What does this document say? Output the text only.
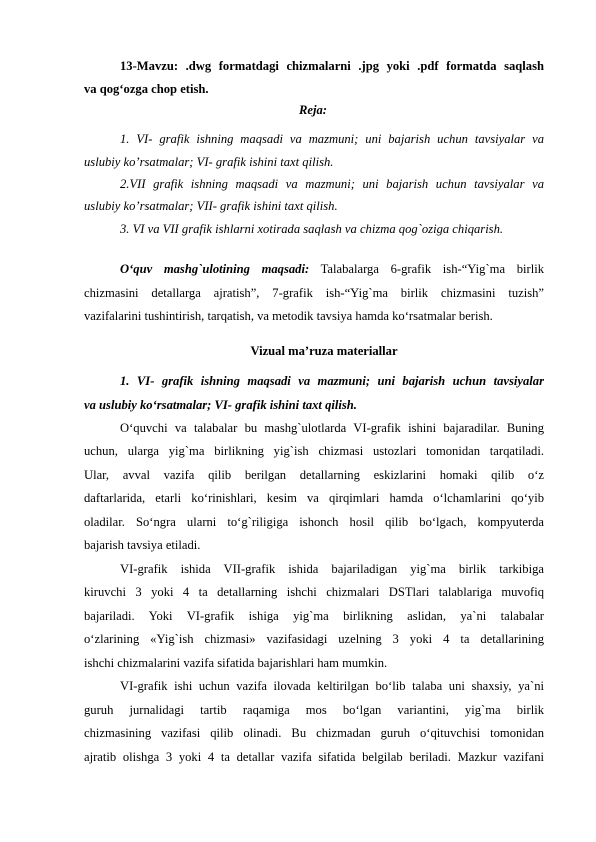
13-Mavzu: .dwg formatdagi chizmalarni .jpg yoki .pdf formatda saqlash

va qog‘ozga chop etish.

Reja:

1. VI- grafik ishning maqsadi va mazmuni; uni bajarish uchun tavsiyalar va

uslubiy ko’rsatmalar; VI- grafik ishini taxt qilish.

2.VII grafik ishning maqsadi va mazmuni; uni bajarish uchun tavsiyalar va

uslubiy ko’rsatmalar; VII- grafik ishini taxt qilish.

3. VI va VII grafik ishlarni xotirada saqlash va chizma qog`oziga chiqarish.

O‘quv mashg`ulotining maqsadi: Talabalarga 6-grafik ish-“Yig`ma birlik

chizmasini detallarga ajratish”, 7-grafik ish-“Yig`ma birlik chizmasini tuzish”

vazifalarini tushintirish, tarqatish, va metodik tavsiya hamda ko‘rsatmalar berish.

Vizual ma’ruza materiallar

1. VI- grafik ishning maqsadi va mazmuni; uni bajarish uchun tavsiyalar

va uslubiy ko‘rsatmalar; VI- grafik ishini taxt qilish.

O‘quvchi va talabalar bu mashg`ulotlarda VI-grafik ishini bajaradilar. Buning

uchun, ularga yig`ma birlikning yig`ish chizmasi ustozlari tomonidan tarqatiladi.

Ular, avval vazifa qilib berilgan detallarning eskizlarini homaki qilib o‘z

daftarlarida, etarli ko‘rinishlari, kesim va qirqimlari hamda o‘lchamlarini qo‘yib

oladilar. So‘ngra ularni to‘g`riligiga ishonch hosil qilib bo‘lgach, kompyuterda

bajarish tavsiya etiladi.

VI-grafik ishida VII-grafik ishida bajariladigan yig`ma birlik tarkibiga

kiruvchi 3 yoki 4 ta detallarning ishchi chizmalari DSTlari talablariga muvofiq

bajariladi. Yoki VI-grafik ishiga yig`ma birlikning aslidan, ya`ni talabalar

o‘zlarining «Yig`ish chizmasi» vazifasidagi uzelning 3 yoki 4 ta detallarining

ishchi chizmalarini vazifa sifatida bajarishlari ham mumkin.

VI-grafik ishi uchun vazifa ilovada keltirilgan bo‘lib talaba uni shaxsiy, ya`ni

guruh jurnalidagi tartib raqamiga mos bo‘lgan variantini, yig`ma birlik

chizmasining vazifasi qilib olinadi. Bu chizmadan guruh o‘qituvchisi tomonidan

ajratib olishga 3 yoki 4 ta detallar vazifa sifatida belgilab beriladi. Mazkur vazifani
